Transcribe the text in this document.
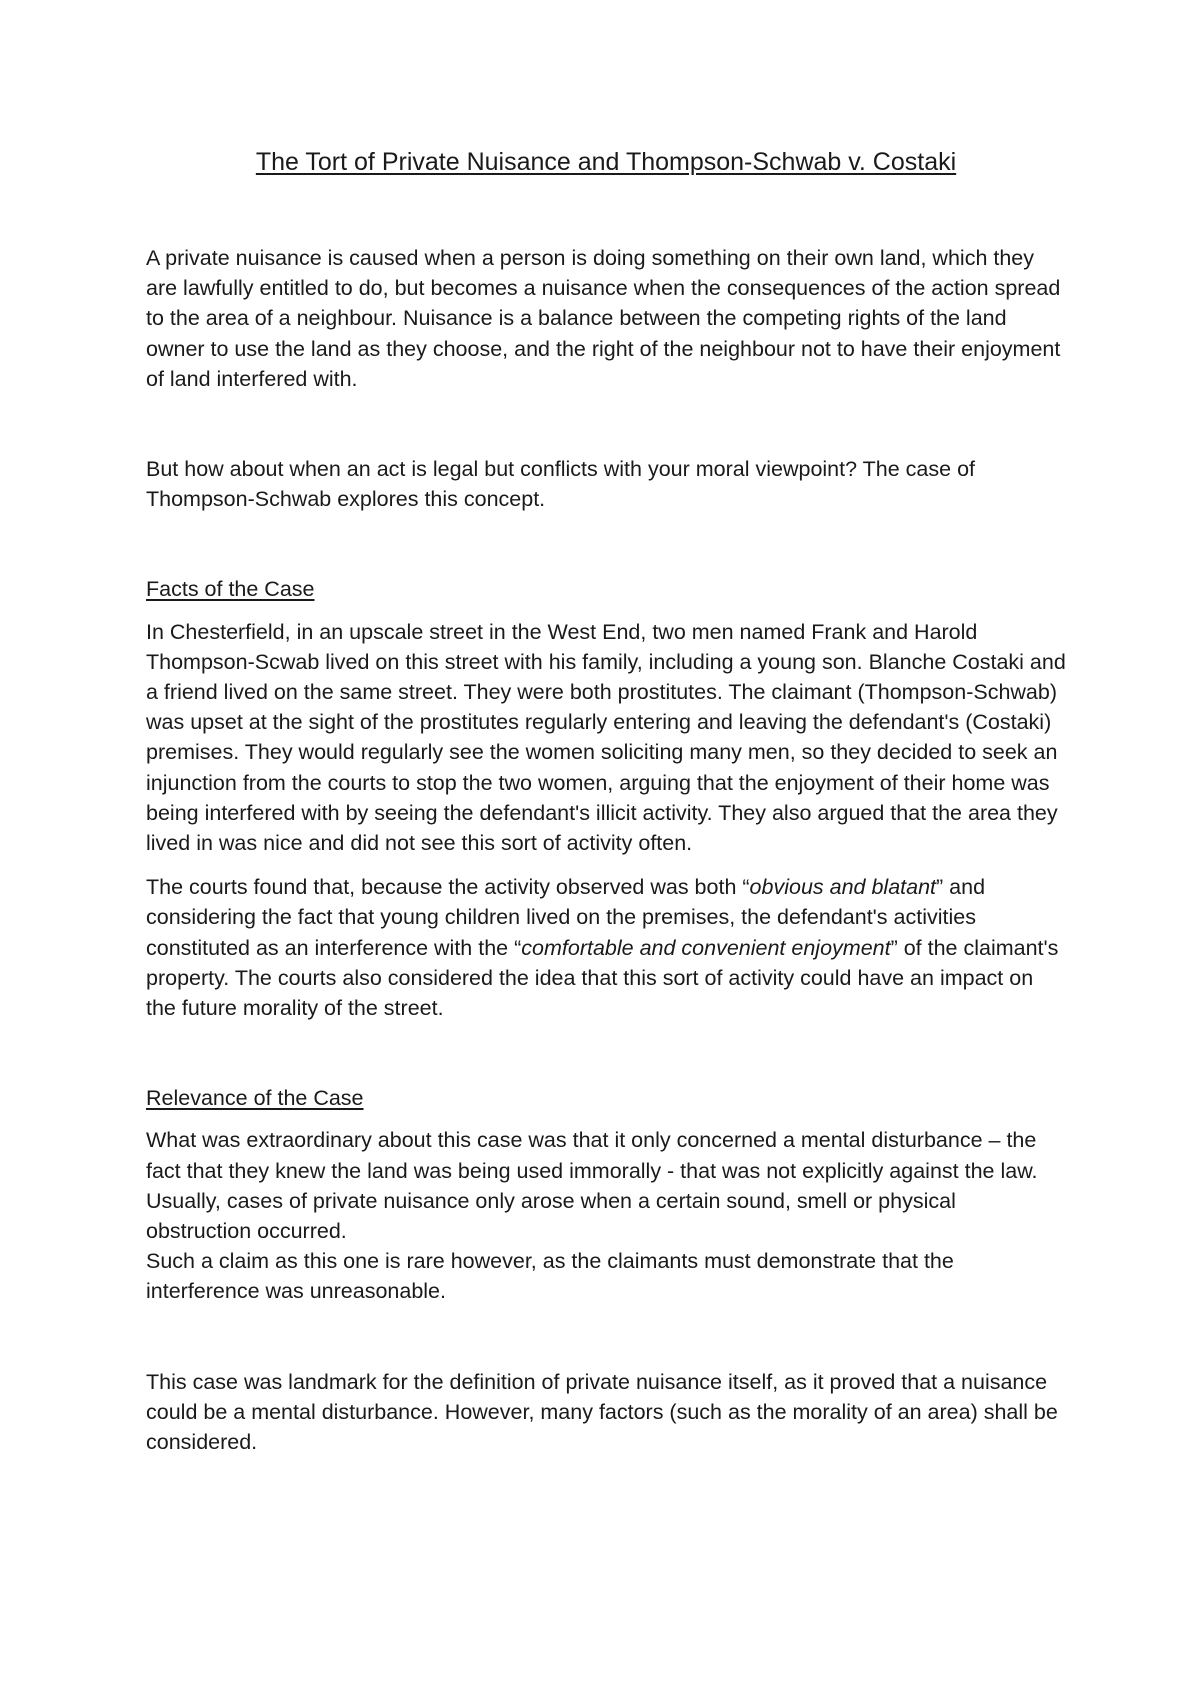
The Tort of Private Nuisance and Thompson-Schwab v. Costaki

A private nuisance is caused when a person is doing something on their own land, which they are lawfully entitled to do, but becomes a nuisance when the consequences of the action spread to the area of a neighbour. Nuisance is a balance between the competing rights of the land owner to use the land as they choose, and the right of the neighbour not to have their enjoyment of land interfered with.

But how about when an act is legal but conflicts with your moral viewpoint? The case of Thompson-Schwab explores this concept.

Facts of the Case

In Chesterfield, in an upscale street in the West End, two men named Frank and Harold Thompson-Scwab lived on this street with his family, including a young son. Blanche Costaki and a friend lived on the same street. They were both prostitutes. The claimant (Thompson-Schwab) was upset at the sight of the prostitutes regularly entering and leaving the defendant's (Costaki) premises. They would regularly see the women soliciting many men, so they decided to seek an injunction from the courts to stop the two women, arguing that the enjoyment of their home was being interfered with by seeing the defendant's illicit activity. They also argued that the area they lived in was nice and did not see this sort of activity often.

The courts found that, because the activity observed was both “obvious and blatant” and considering the fact that young children lived on the premises, the defendant's activities constituted as an interference with the “comfortable and convenient enjoyment” of the claimant's property. The courts also considered the idea that this sort of activity could have an impact on the future morality of the street.

Relevance of the Case

What was extraordinary about this case was that it only concerned a mental disturbance – the fact that they knew the land was being used immorally - that was not explicitly against the law. Usually, cases of private nuisance only arose when a certain sound, smell or physical obstruction occurred.

Such a claim as this one is rare however, as the claimants must demonstrate that the interference was unreasonable.

This case was landmark for the definition of private nuisance itself, as it proved that a nuisance could be a mental disturbance. However, many factors (such as the morality of an area) shall be considered.
